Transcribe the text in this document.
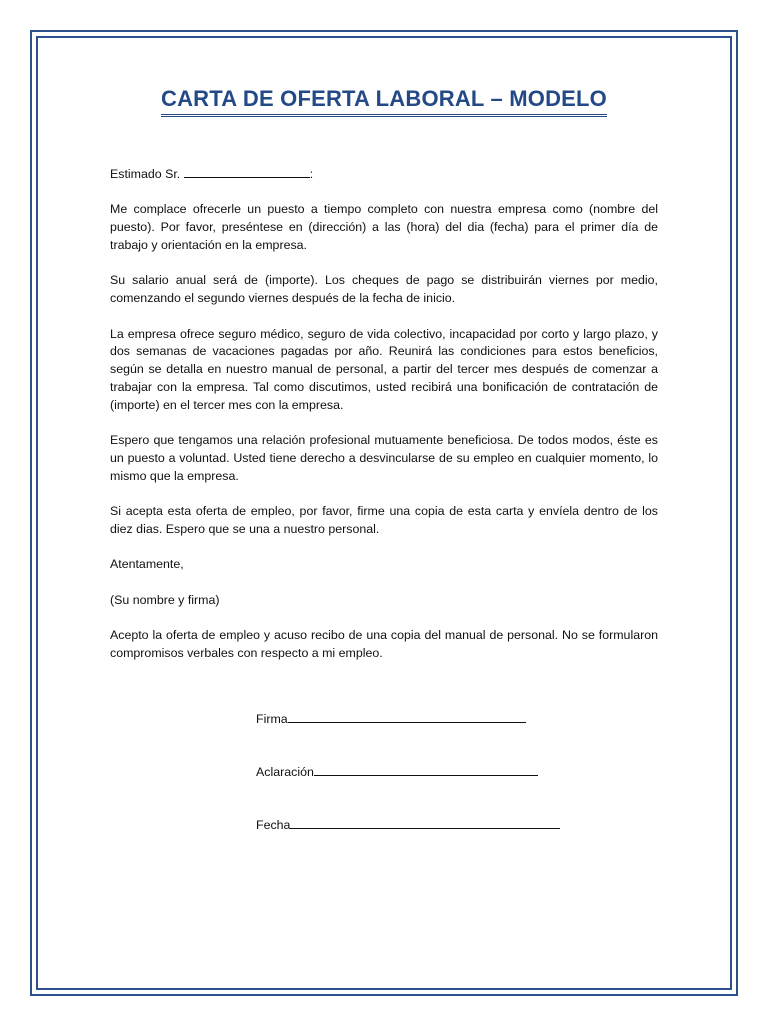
CARTA DE OFERTA LABORAL – MODELO

Estimado Sr.	:

Me complace ofrecerle un puesto a tiempo completo con nuestra empresa como (nombre del puesto). Por favor, preséntese en (dirección) a las (hora) del dia (fecha) para el primer día de trabajo y orientación en la empresa.

Su salario anual será de (importe). Los cheques de pago se distribuirán viernes por medio, comenzando el segundo viernes después de la fecha de inicio.

La empresa ofrece seguro médico, seguro de vida colectivo, incapacidad por corto y largo plazo, y dos semanas de vacaciones pagadas por año. Reunirá las condiciones para estos beneficios, según se detalla en nuestro manual de personal, a partir del tercer mes después de comenzar a trabajar con la empresa. Tal como discutimos, usted recibirá una bonificación de contratación de (importe) en el tercer mes con la empresa.

Espero que tengamos una relación profesional mutuamente beneficiosa. De todos modos, éste es un puesto a voluntad. Usted tiene derecho a desvincularse de su empleo en cualquier momento, lo mismo que la empresa.

Si acepta esta oferta de empleo, por favor, firme una copia de esta carta y envíela dentro de los diez dias. Espero que se una a nuestro personal.

Atentamente,

(Su nombre y firma)

Acepto la oferta de empleo y acuso recibo de una copia del manual de personal. No se formularon compromisos verbales con respecto a mi empleo.

Firma
Aclaración
Fecha
